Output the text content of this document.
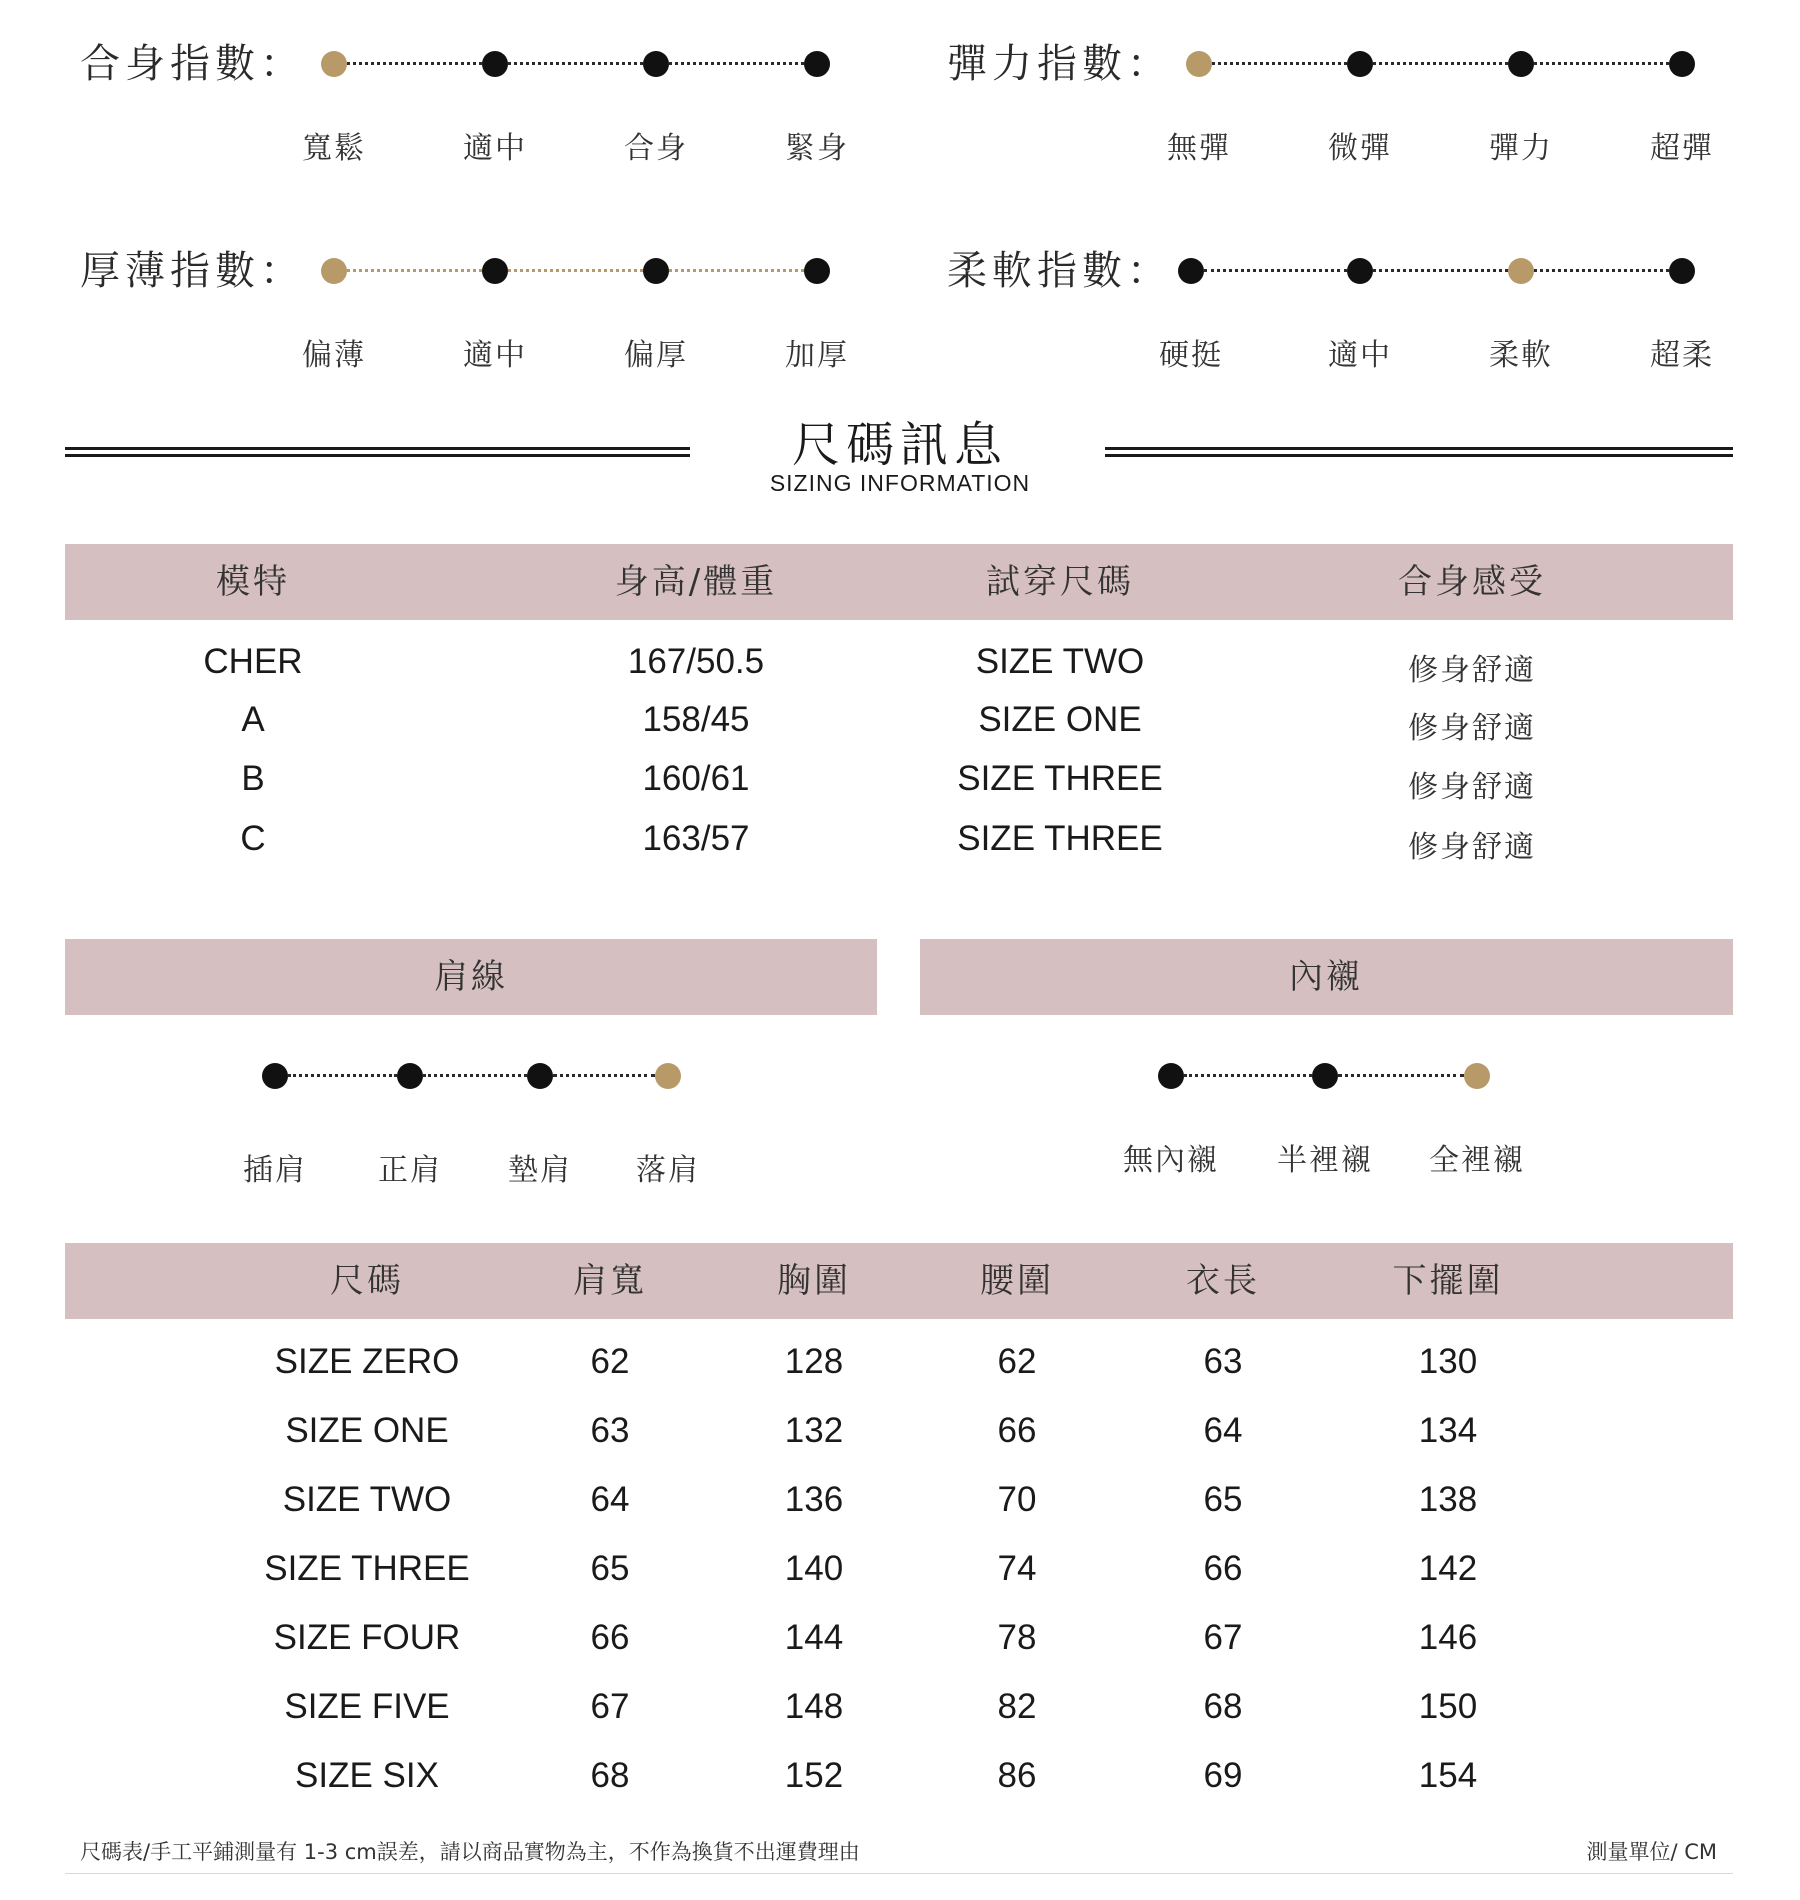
合身指數：
寬鬆	適中	合身	緊身
彈力指數：
無彈	微彈	彈力	超彈
厚薄指數：
偏薄	適中	偏厚	加厚
柔軟指數：
硬挺	適中	柔軟	超柔
尺碼訊息
SIZING INFORMATION
模特	身高/體重	試穿尺碼	合身感受
CHER	167/50.5	SIZE TWO	修身舒適
A	158/45	SIZE ONE	修身舒適
B	160/61	SIZE THREE	修身舒適
C	163/57	SIZE THREE	修身舒適
肩線	內襯
插肩	正肩	墊肩	落肩	無內襯	半裡襯	全裡襯
尺碼	肩寬	胸圍	腰圍	衣長	下擺圍
SIZE ZERO	62	128	62	63	130
SIZE ONE	63	132	66	64	134
SIZE TWO	64	136	70	65	138
SIZE THREE	65	140	74	66	142
SIZE FOUR	66	144	78	67	146
SIZE FIVE	67	148	82	68	150
SIZE SIX	68	152	86	69	154
尺碼表/手工平鋪測量有 1-3 cm誤差，請以商品實物為主，不作為換貨不出運費理由	測量單位/ CM
